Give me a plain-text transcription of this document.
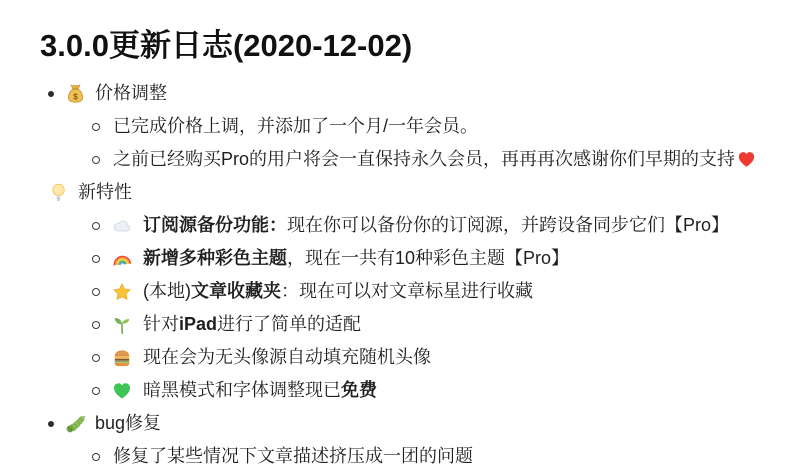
3.0.0更新日志(2020-12-02)
$ 价格调整
已完成价格上调，并添加了一个月/一年会员。
之前已经购买Pro的用户将会一直保持永久会员，再再再次感谢你们早期的支持
新特性
订阅源备份功能： 现在你可以备份你的订阅源，并跨设备同步它们【Pro】
新增多种彩色主题 ，现在一共有10种彩色主题【Pro】
(本地) 文章收藏夹 ：现在可以对文章标星进行收藏
针对 iPad 进行了简单的适配
现在会为无头像源自动填充随机头像
暗黑模式和字体调整现已 免费
bug修复
修复了某些情况下文章描述挤压成一团的问题
